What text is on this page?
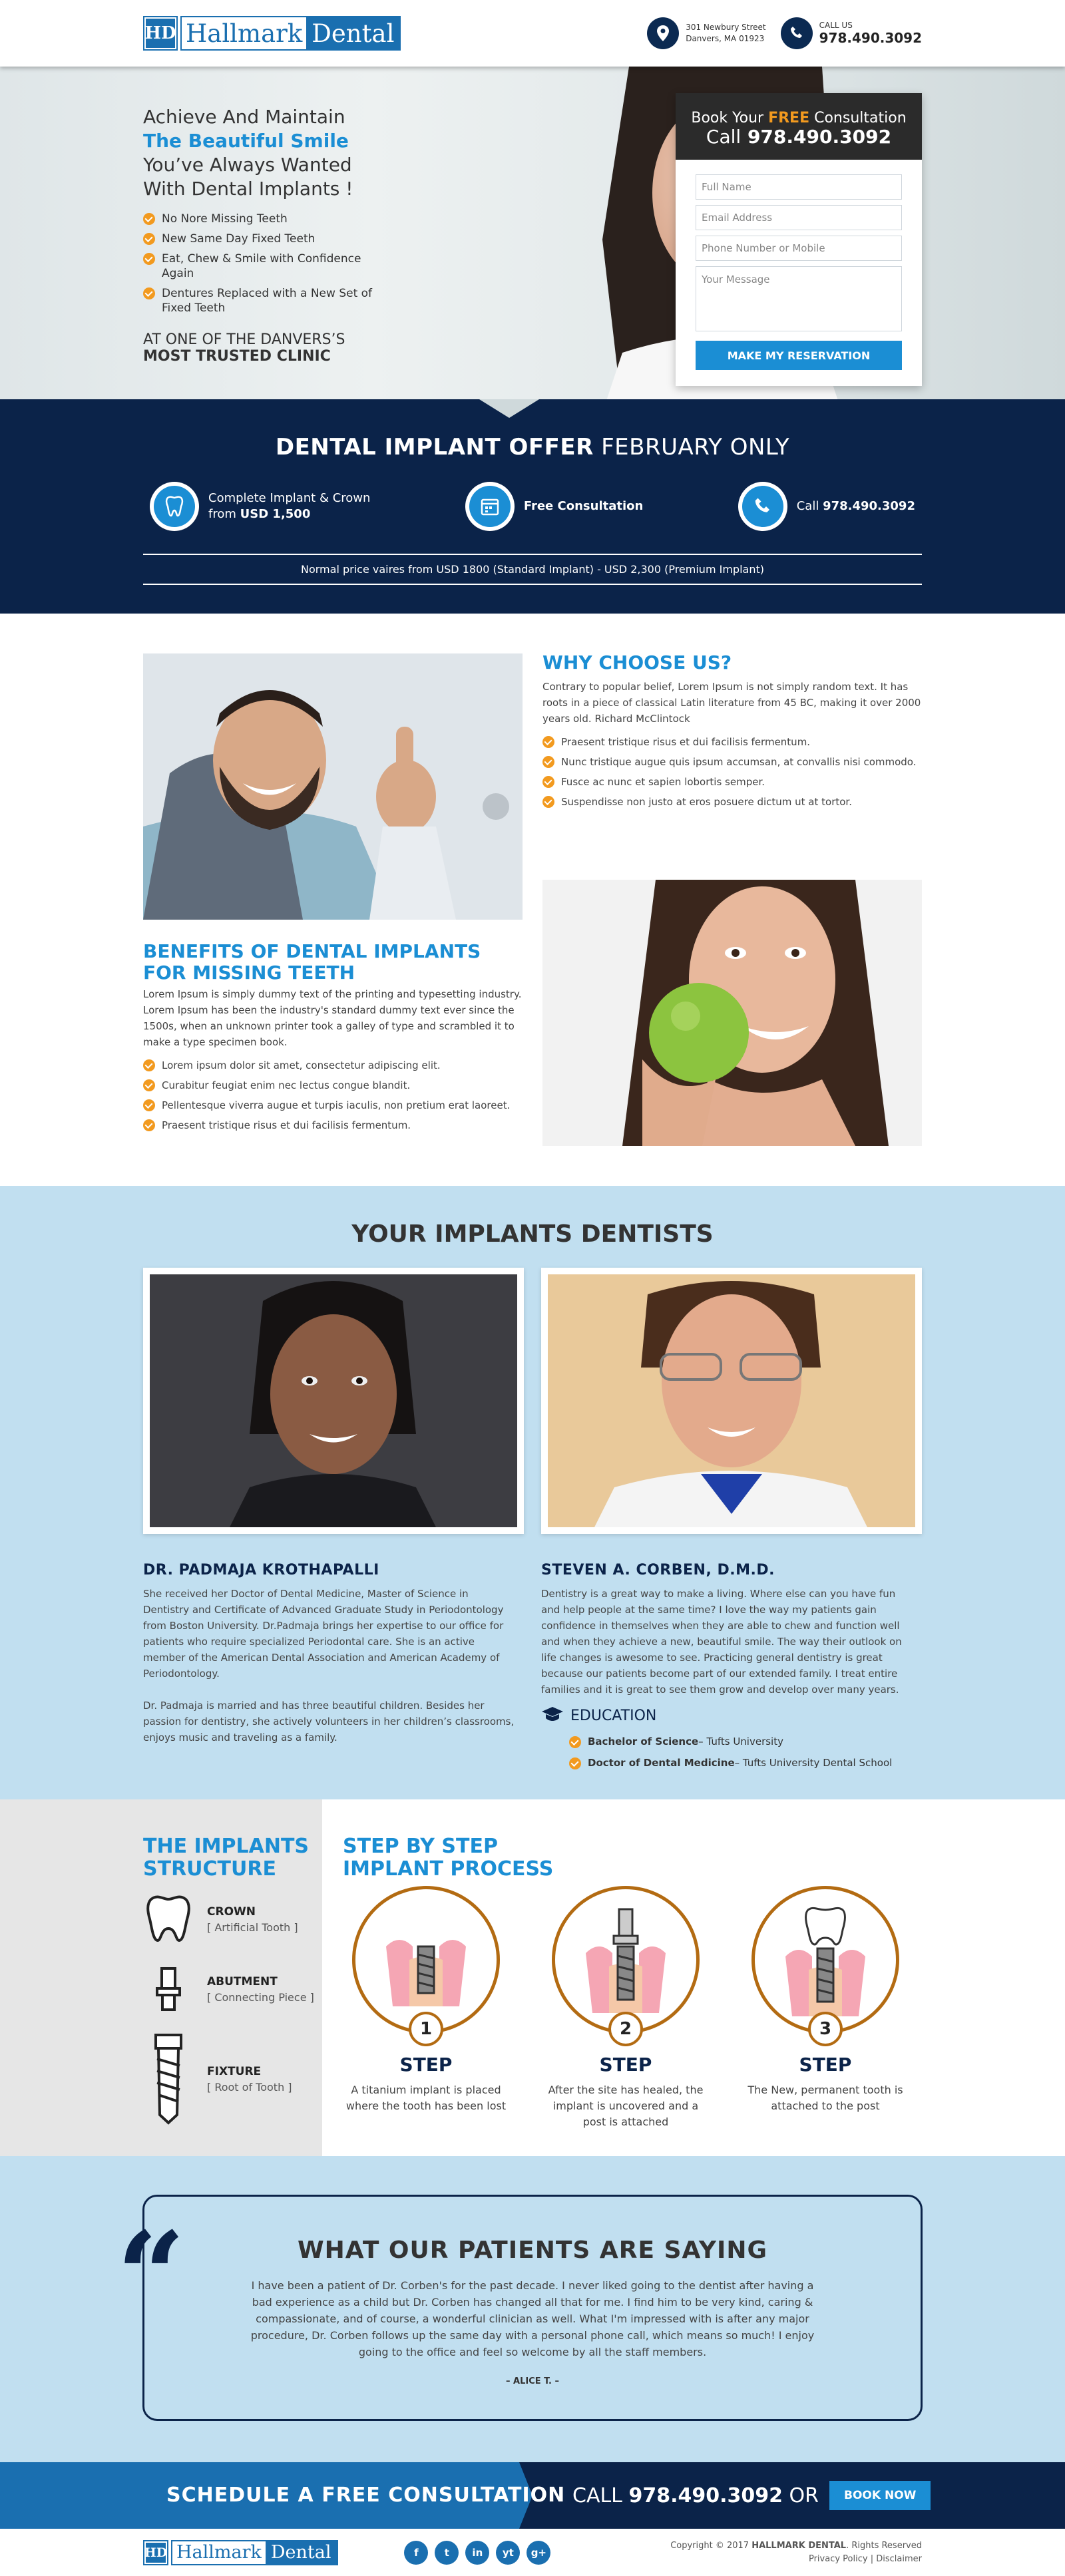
HD Hallmark Dental	301 Newbury Street
Danvers, MA 01923
CALL US
978.490.3092
Achieve And Maintain
The Beautiful Smile
You’ve Always Wanted
With Dental Implants !
No Nore Missing Teeth
New Same Day Fixed Teeth
Eat, Chew & Smile with Confidence Again
Dentures Replaced with a New Set of Fixed Teeth
AT ONE OF THE DANVERS’S
MOST TRUSTED CLINIC
Book Your FREE Consultation
Call 978.490.3092
Full Name
Email Address
Phone Number or Mobile
Your Message
MAKE MY RESERVATION
DENTAL IMPLANT OFFER FEBRUARY ONLY
Complete Implant & Crown
from USD 1,500
Free Consultation	Call 978.490.3092
Normal price vaires from USD 1800 (Standard Implant) - USD 2,300 (Premium Implant)
WHY CHOOSE US?
Contrary to popular belief, Lorem Ipsum is not simply random text. It has roots in a piece of classical Latin literature from 45 BC, making it over 2000 years old. Richard McClintock
Praesent tristique risus et dui facilisis fermentum.
Nunc tristique augue quis ipsum accumsan, at convallis nisi commodo.
Fusce ac nunc et sapien lobortis semper.
Suspendisse non justo at eros posuere dictum ut at tortor.
BENEFITS OF DENTAL IMPLANTS
FOR MISSING TEETH
Lorem Ipsum is simply dummy text of the printing and typesetting industry. Lorem Ipsum has been the industry's standard dummy text ever since the 1500s, when an unknown printer took a galley of type and scrambled it to make a type specimen book.
Lorem ipsum dolor sit amet, consectetur adipiscing elit.
Curabitur feugiat enim nec lectus congue blandit.
Pellentesque viverra augue et turpis iaculis, non pretium erat laoreet.
Praesent tristique risus et dui facilisis fermentum.
YOUR IMPLANTS DENTISTS
DR. PADMAJA KROTHAPALLI
She received her Doctor of Dental Medicine, Master of Science in Dentistry and Certificate of Advanced Graduate Study in Periodontology from Boston University. Dr.Padmaja brings her expertise to our office for patients who require specialized Periodontal care. She is an active member of the American Dental Association and American Academy of Periodontology.
Dr. Padmaja is married and has three beautiful children. Besides her passion for dentistry, she actively volunteers in her children’s classrooms, enjoys music and traveling as a family.
STEVEN A. CORBEN, D.M.D.
Dentistry is a great way to make a living. Where else can you have fun and help people at the same time? I love the way my patients gain confidence in themselves when they are able to chew and function well and when they achieve a new, beautiful smile. The way their outlook on life changes is awesome to see. Practicing general dentistry is great because our patients become part of our extended family. I treat entire families and it is great to see them grow and develop over many years.
EDUCATION
Bachelor of Science – Tufts University
Doctor of Dental Medicine – Tufts University Dental School
THE IMPLANTS
STRUCTURE
CROWN
[ Artificial Tooth ]
ABUTMENT
[ Connecting Piece ]
FIXTURE
[ Root of Tooth ]
STEP BY STEP
IMPLANT PROCESS
1
STEP
A titanium implant is placed where the tooth has been lost
2
STEP
After the site has healed, the implant is uncovered and a post is attached
3
STEP
The New, permanent tooth is attached to the post
“	WHAT OUR PATIENTS ARE SAYING
I have been a patient of Dr. Corben's for the past decade. I never liked going to the dentist after having a bad experience as a child but Dr. Corben has changed all that for me. I find him to be very kind, caring & compassionate, and of course, a wonderful clinician as well. What I'm impressed with is after any major procedure, Dr. Corben follows up the same day with a personal phone call, which means so much! I enjoy going to the office and feel so welcome by all the staff members.
– ALICE T. –
SCHEDULE A FREE CONSULTATION CALL 978.490.3092 OR	BOOK NOW
HD Hallmark Dental	f	t	in	yt	g+
Copyright © 2017 HALLMARK DENTAL. Rights Reserved
Privacy Policy | Disclaimer
